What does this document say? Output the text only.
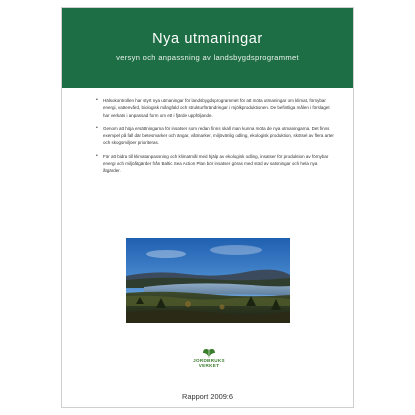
Nya utmaningar
versyn och anpassning av landsbygdsprogrammet
• Hälsokontrollen har styrt nya utmaningar för landsbygdsprogrammet för att möta utmaningar om klimat, förnybar energi, vattenvård, biologisk mångfald och strukturförändringar i mjölkproduktionen. De befintliga målen i förslaget har verkats i anpassad form om ett i fjärde uppföljande.
• Genom att höja ersättningarna för insatser som redan finns skall man kunna möta de nya utmaningarna. Det finns exempel på fall där betesmarker och ängar, våtmarker, miljövänlig odling, ekologisk produktion, skötsel av flera arter och skogsmiljöer prioriteras.
• För att bidra till klimatanpassning och klimatmål med hjälp av ekologisk odling, insatser för produktion av förnybar energi och miljöåtgärder från Baltic Sea Action Plan bör insatser göras med stöd av satsningar och hela nya åtgärder.
JORDBRUKS
VERKET
Rapport 2009:6
